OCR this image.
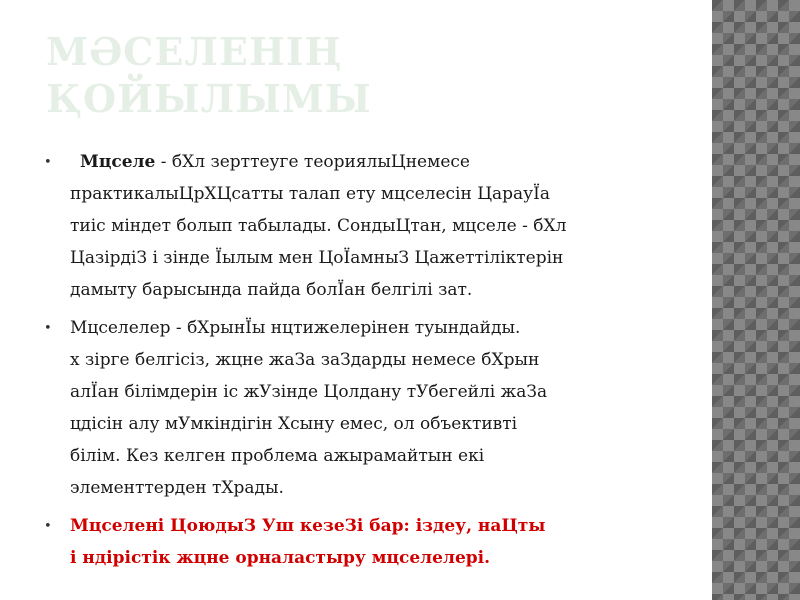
МӘСЕЛЕНІҢ
ҚОЙЫЛЫМЫ
•	Мцселе - бХл зерттеуге теориялыЦнемесе
практикалыЦрХЦсатты талап ету мцселесін ЦарауЇа
тиіс міндет болып табылады. СондыЦтан, мцселе - бХл
ЦазірдіЗ і зінде Їылым мен ЦоЇамныЗ Цажеттіліктерін
дамыту барысында пайда болЇан белгілі зат.
• Мцселелер - бХрынЇы нцтижелерінен туындайды.
х зірге белгісіз, жцне жаЗа заЗдарды немесе бХрын
алЇан білімдерін іс жУзінде Цолдану тУбегейлі жаЗа
цдісін алу мУмкіндігін Хсыну емес, ол объективті
білім. Кез келген проблема ажырамайтын екі
элементтерден тХрады.
• Мцселені ЦоюдыЗ Уш кезеЗі бар: іздеу, наЦты
і ндірістік жцне орналастыру мцселелері.
